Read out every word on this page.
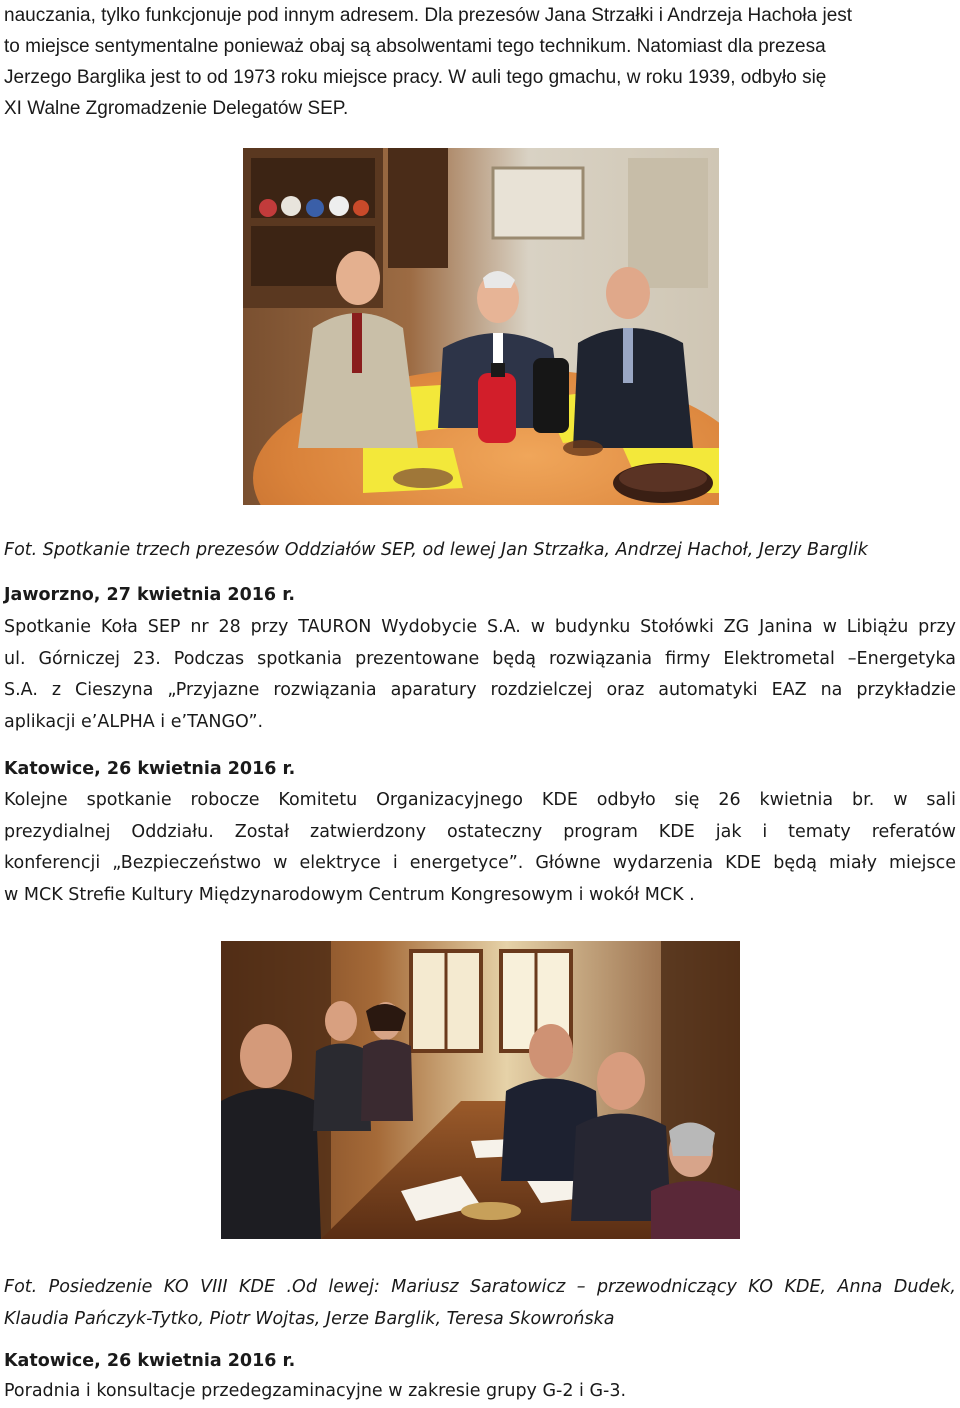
nauczania, tylko funkcjonuje pod innym adresem. Dla prezesów Jana Strzałki i Andrzeja Hachoła jest
to miejsce sentymentalne ponieważ obaj są absolwentami tego technikum. Natomiast dla prezesa
Jerzego Barglika jest to od 1973 roku miejsce pracy. W auli tego gmachu, w roku 1939, odbyło się
XI Walne Zgromadzenie Delegatów SEP.

Fot. Spotkanie trzech prezesów Oddziałów SEP, od lewej Jan Strzałka, Andrzej Hachoł, Jerzy Barglik

Jaworzno, 27 kwietnia 2016 r.

Spotkanie Koła SEP nr 28 przy TAURON Wydobycie S.A. w budynku Stołówki ZG Janina w Libiążu przy
ul. Górniczej 23. Podczas spotkania prezentowane będą rozwiązania firmy Elektrometal –Energetyka
S.A. z Cieszyna „Przyjazne rozwiązania aparatury rozdzielczej oraz automatyki EAZ na przykładzie
aplikacji e’ALPHA i e’TANGO”.

Katowice, 26 kwietnia 2016 r.

Kolejne spotkanie robocze Komitetu Organizacyjnego KDE odbyło się 26 kwietnia br. w sali
prezydialnej Oddziału. Został zatwierdzony ostateczny program KDE jak i tematy referatów
konferencji „Bezpieczeństwo w elektryce i energetyce”. Główne wydarzenia KDE będą miały miejsce
w MCK Strefie Kultury Międzynarodowym Centrum Kongresowym i wokół MCK .
Fot. Posiedzenie KO VIII KDE .Od lewej: Mariusz Saratowicz – przewodniczący KO KDE, Anna Dudek,
Klaudia Pańczyk-Tytko, Piotr Wojtas, Jerze Barglik, Teresa Skowrońska

Katowice, 26 kwietnia 2016 r.

Poradnia i konsultacje przedegzaminacyjne w zakresie grupy G-2 i G-3.
